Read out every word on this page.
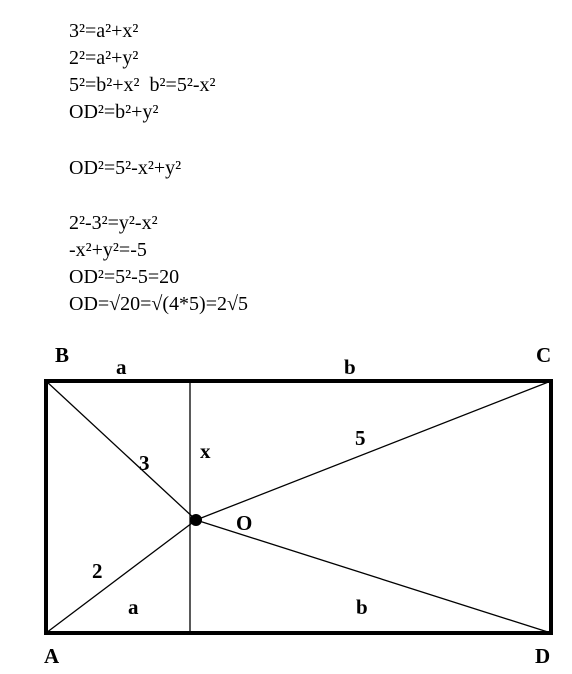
3²=a²+x²
2²=a²+y²
5²=b²+x²  b²=5²-x²
OD²=b²+y²
OD²=5²-x²+y²
2²-3²=y²-x²
-x²+y²=-5
OD²=5²-5=20
OD=√20=√(4*5)=2√5
B	C
A	D
O
a	b
a	b
x
3
2
5
